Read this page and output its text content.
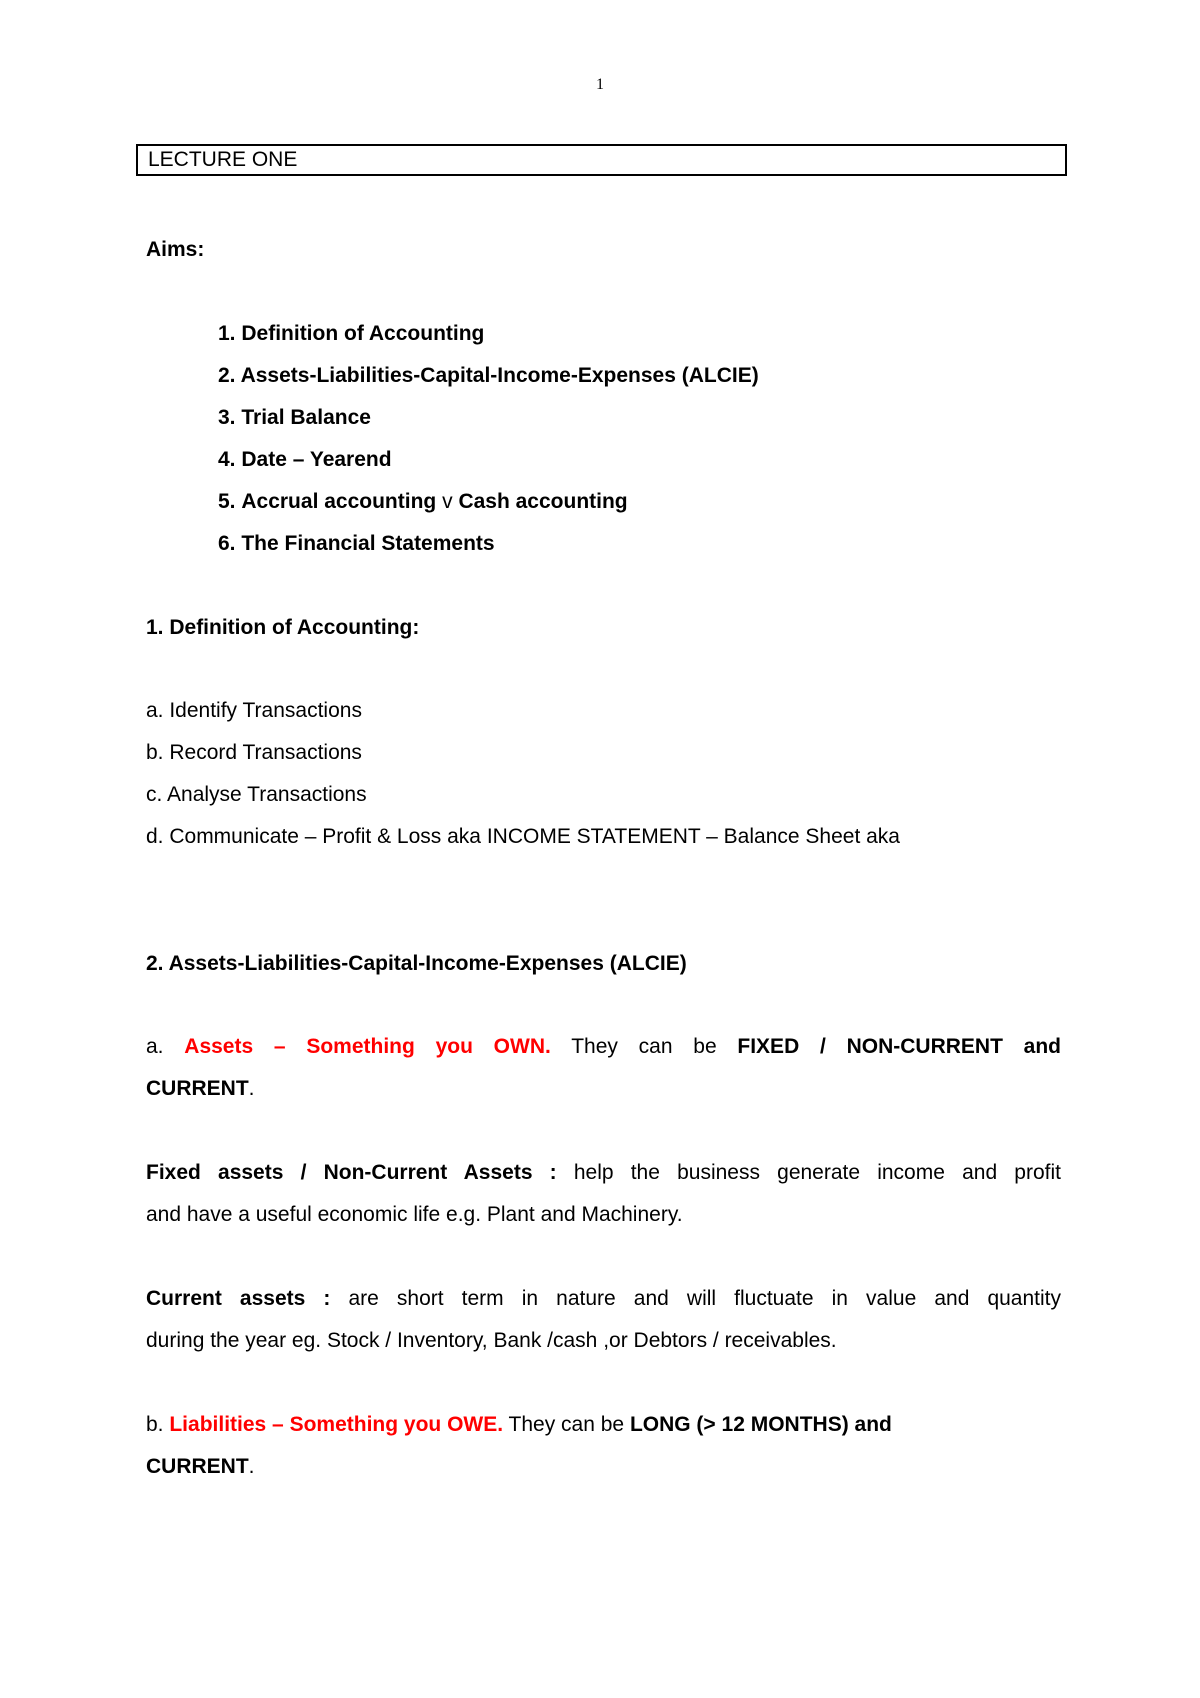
1
LECTURE ONE
Aims:
1. Definition of Accounting
2. Assets-Liabilities-Capital-Income-Expenses (ALCIE)
3. Trial Balance
4. Date – Yearend
5. Accrual accounting v Cash accounting
6. The Financial Statements
1. Definition of Accounting:
a. Identify Transactions
b. Record Transactions
c. Analyse Transactions
d. Communicate – Profit & Loss aka INCOME STATEMENT – Balance Sheet aka
2. Assets-Liabilities-Capital-Income-Expenses (ALCIE)
a. Assets – Something you OWN. They can be FIXED / NON-CURRENT and
CURRENT.
Fixed assets / Non-Current Assets : help the business generate income and profit
and have a useful economic life e.g. Plant and Machinery.
Current assets : are short term in nature and will fluctuate in value and quantity
during the year eg. Stock / Inventory, Bank /cash ,or Debtors / receivables.
b. Liabilities – Something you OWE. They can be LONG (> 12 MONTHS) and
CURRENT.
